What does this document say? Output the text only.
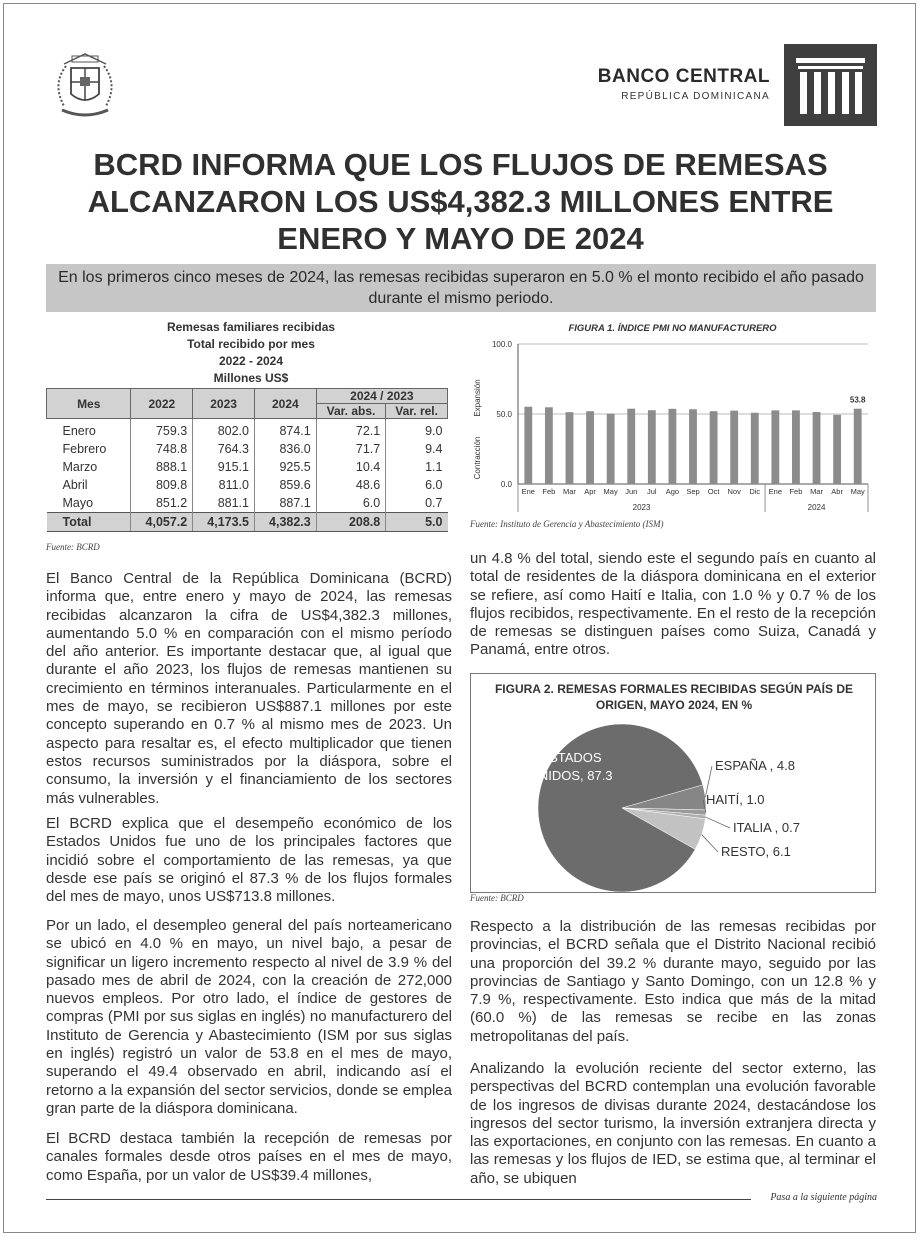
BANCO CENTRAL
REPÚBLICA DOMINICANA
BCRD INFORMA QUE LOS FLUJOS DE REMESAS ALCANZARON LOS US$4,382.3 MILLONES ENTRE ENERO Y MAYO DE 2024
En los primeros cinco meses de 2024, las remesas recibidas superaron en 5.0 % el monto recibido el año pasado durante el mismo periodo.
Remesas familiares recibidas
Total recibido por mes
2022 - 2024
Millones US$
Mes	2022	2023	2024	2024 / 2023	
				Var. abs.	Var. rel.
Enero	759.3	802.0	874.1	72.1	9.0
Febrero	748.8	764.3	836.0	71.7	9.4
Marzo	888.1	915.1	925.5	10.4	1.1
Abril	809.8	811.0	859.6	48.6	6.0
Mayo	851.2	881.1	887.1	6.0	0.7
Total	4,057.2	4,173.5	4,382.3	208.8	5.0
Fuente: BCRD
FIGURA 1. ÍNDICE PMI NO MANUFACTURERO
0.0
50.0
100.0
Expansión
Contracción
Ene Feb Mar Apr May Jun Jul Ago Sep Oct Nov Dic Ene Feb Mar Abr May
53.8
2023	2024
Fuente: Instituto de Gerencia y Abastecimiento (ISM)
El Banco Central de la República Dominicana (BCRD) informa que, entre enero y mayo de 2024, las remesas recibidas alcanzaron la cifra de US$4,382.3 millones, aumentando 5.0 % en comparación con el mismo período del año anterior. Es importante destacar que, al igual que durante el año 2023, los flujos de remesas mantienen su crecimiento en términos interanuales. Particularmente en el mes de mayo, se recibieron US$887.1 millones por este concepto superando en 0.7 % al mismo mes de 2023. Un aspecto para resaltar es, el efecto multiplicador que tienen estos recursos suministrados por la diáspora, sobre el consumo, la inversión y el financiamiento de los sectores más vulnerables.
El BCRD explica que el desempeño económico de los Estados Unidos fue uno de los principales factores que incidió sobre el comportamiento de las remesas, ya que desde ese país se originó el 87.3 % de los flujos formales del mes de mayo, unos US$713.8 millones.
Por un lado, el desempleo general del país norteamericano se ubicó en 4.0 % en mayo, un nivel bajo, a pesar de significar un ligero incremento respecto al nivel de 3.9 % del pasado mes de abril de 2024, con la creación de 272,000 nuevos empleos. Por otro lado, el índice de gestores de compras (PMI por sus siglas en inglés) no manufacturero del Instituto de Gerencia y Abastecimiento (ISM por sus siglas en inglés) registró un valor de 53.8 en el mes de mayo, superando el 49.4 observado en abril, indicando así el retorno a la expansión del sector servicios, donde se emplea gran parte de la diáspora dominicana.
El BCRD destaca también la recepción de remesas por canales formales desde otros países en el mes de mayo, como España, por un valor de US$39.4 millones,
un 4.8 % del total, siendo este el segundo país en cuanto al total de residentes de la diáspora dominicana en el exterior se refiere, así como Haití e Italia, con 1.0 % y 0.7 % de los flujos recibidos, respectivamente. En el resto de la recepción de remesas se distinguen países como Suiza, Canadá y Panamá, entre otros.
FIGURA 2. REMESAS FORMALES RECIBIDAS SEGÚN PAÍS DE ORIGEN, MAYO 2024, EN %
ESTADOS UNIDOS, 87.3
ESPAÑA , 4.8
HAITÍ, 1.0
ITALIA , 0.7
RESTO, 6.1
Fuente: BCRD
Respecto a la distribución de las remesas recibidas por provincias, el BCRD señala que el Distrito Nacional recibió una proporción del 39.2 % durante mayo, seguido por las provincias de Santiago y Santo Domingo, con un 12.8 % y 7.9 %, respectivamente. Esto indica que más de la mitad (60.0 %) de las remesas se recibe en las zonas metropolitanas del país.
Analizando la evolución reciente del sector externo, las perspectivas del BCRD contemplan una evolución favorable de los ingresos de divisas durante 2024, destacándose los ingresos del sector turismo, la inversión extranjera directa y las exportaciones, en conjunto con las remesas. En cuanto a las remesas y los flujos de IED, se estima que, al terminar el año, se ubiquen
Pasa a la siguiente página
